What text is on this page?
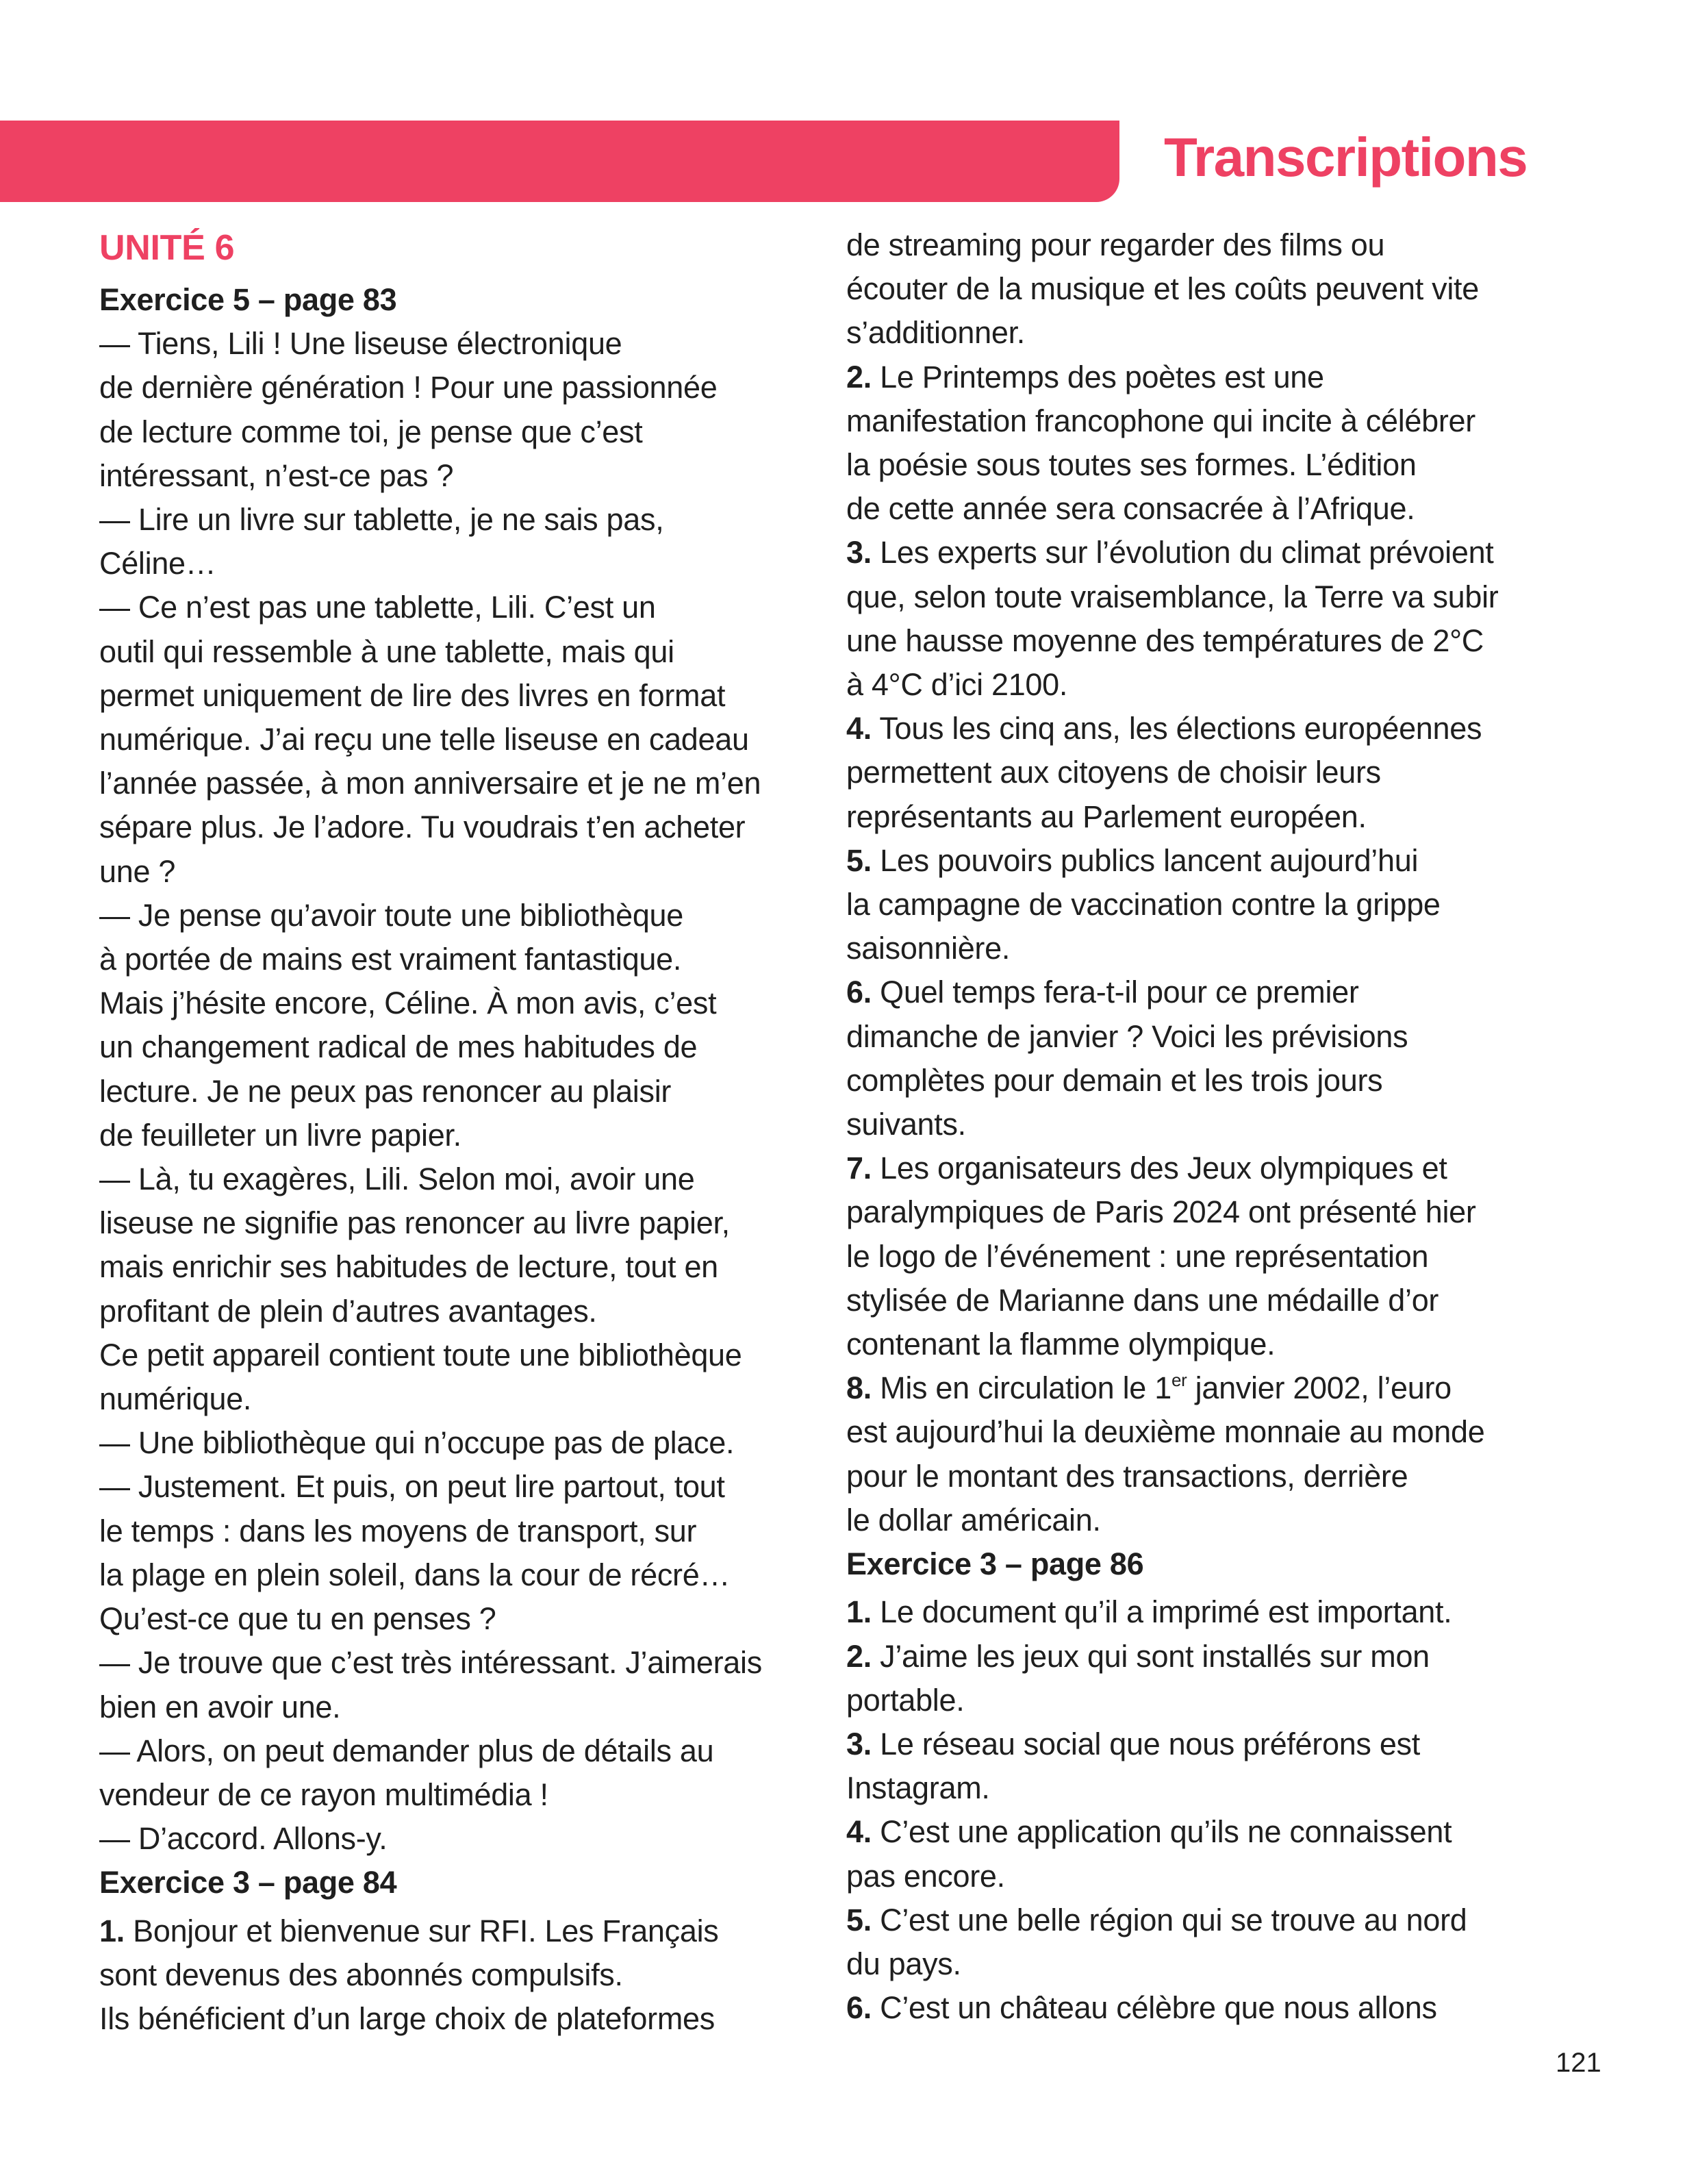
Transcriptions
UNITÉ 6
Exercice 5 – page 83
— Tiens, Lili ! Une liseuse électronique
de dernière génération ! Pour une passionnée
de lecture comme toi, je pense que c’est
intéressant, n’est-ce pas ?
— Lire un livre sur tablette, je ne sais pas,
Céline…
— Ce n’est pas une tablette, Lili. C’est un
outil qui ressemble à une tablette, mais qui
permet uniquement de lire des livres en format
numérique. J’ai reçu une telle liseuse en cadeau
l’année passée, à mon anniversaire et je ne m’en
sépare plus. Je l’adore. Tu voudrais t’en acheter
une ?
— Je pense qu’avoir toute une bibliothèque
à portée de mains est vraiment fantastique.
Mais j’hésite encore, Céline. À mon avis, c’est
un changement radical de mes habitudes de
lecture. Je ne peux pas renoncer au plaisir
de feuilleter un livre papier.
— Là, tu exagères, Lili. Selon moi, avoir une
liseuse ne signifie pas renoncer au livre papier,
mais enrichir ses habitudes de lecture, tout en
profitant de plein d’autres avantages.
Ce petit appareil contient toute une bibliothèque
numérique.
— Une bibliothèque qui n’occupe pas de place.
— Justement. Et puis, on peut lire partout, tout
le temps : dans les moyens de transport, sur
la plage en plein soleil, dans la cour de récré…
Qu’est-ce que tu en penses ?
— Je trouve que c’est très intéressant. J’aimerais
bien en avoir une.
— Alors, on peut demander plus de détails au
vendeur de ce rayon multimédia !
— D’accord. Allons-y.
Exercice 3 – page 84
1. Bonjour et bienvenue sur RFI. Les Français
sont devenus des abonnés compulsifs.
Ils bénéficient d’un large choix de plateformes
de streaming pour regarder des films ou
écouter de la musique et les coûts peuvent vite
s’additionner.
2. Le Printemps des poètes est une
manifestation francophone qui incite à célébrer
la poésie sous toutes ses formes. L’édition
de cette année sera consacrée à l’Afrique.
3. Les experts sur l’évolution du climat prévoient
que, selon toute vraisemblance, la Terre va subir
une hausse moyenne des températures de 2°C
à 4°C d’ici 2100.
4. Tous les cinq ans, les élections européennes
permettent aux citoyens de choisir leurs
représentants au Parlement européen.
5. Les pouvoirs publics lancent aujourd’hui
la campagne de vaccination contre la grippe
saisonnière.
6. Quel temps fera-t-il pour ce premier
dimanche de janvier ? Voici les prévisions
complètes pour demain et les trois jours
suivants.
7. Les organisateurs des Jeux olympiques et
paralympiques de Paris 2024 ont présenté hier
le logo de l’événement : une représentation
stylisée de Marianne dans une médaille d’or
contenant la flamme olympique.
8. Mis en circulation le 1er janvier 2002, l’euro
est aujourd’hui la deuxième monnaie au monde
pour le montant des transactions, derrière
le dollar américain.
Exercice 3 – page 86
1. Le document qu’il a imprimé est important.
2. J’aime les jeux qui sont installés sur mon
portable.
3. Le réseau social que nous préférons est
Instagram.
4. C’est une application qu’ils ne connaissent
pas encore.
5. C’est une belle région qui se trouve au nord
du pays.
6. C’est un château célèbre que nous allons
121
